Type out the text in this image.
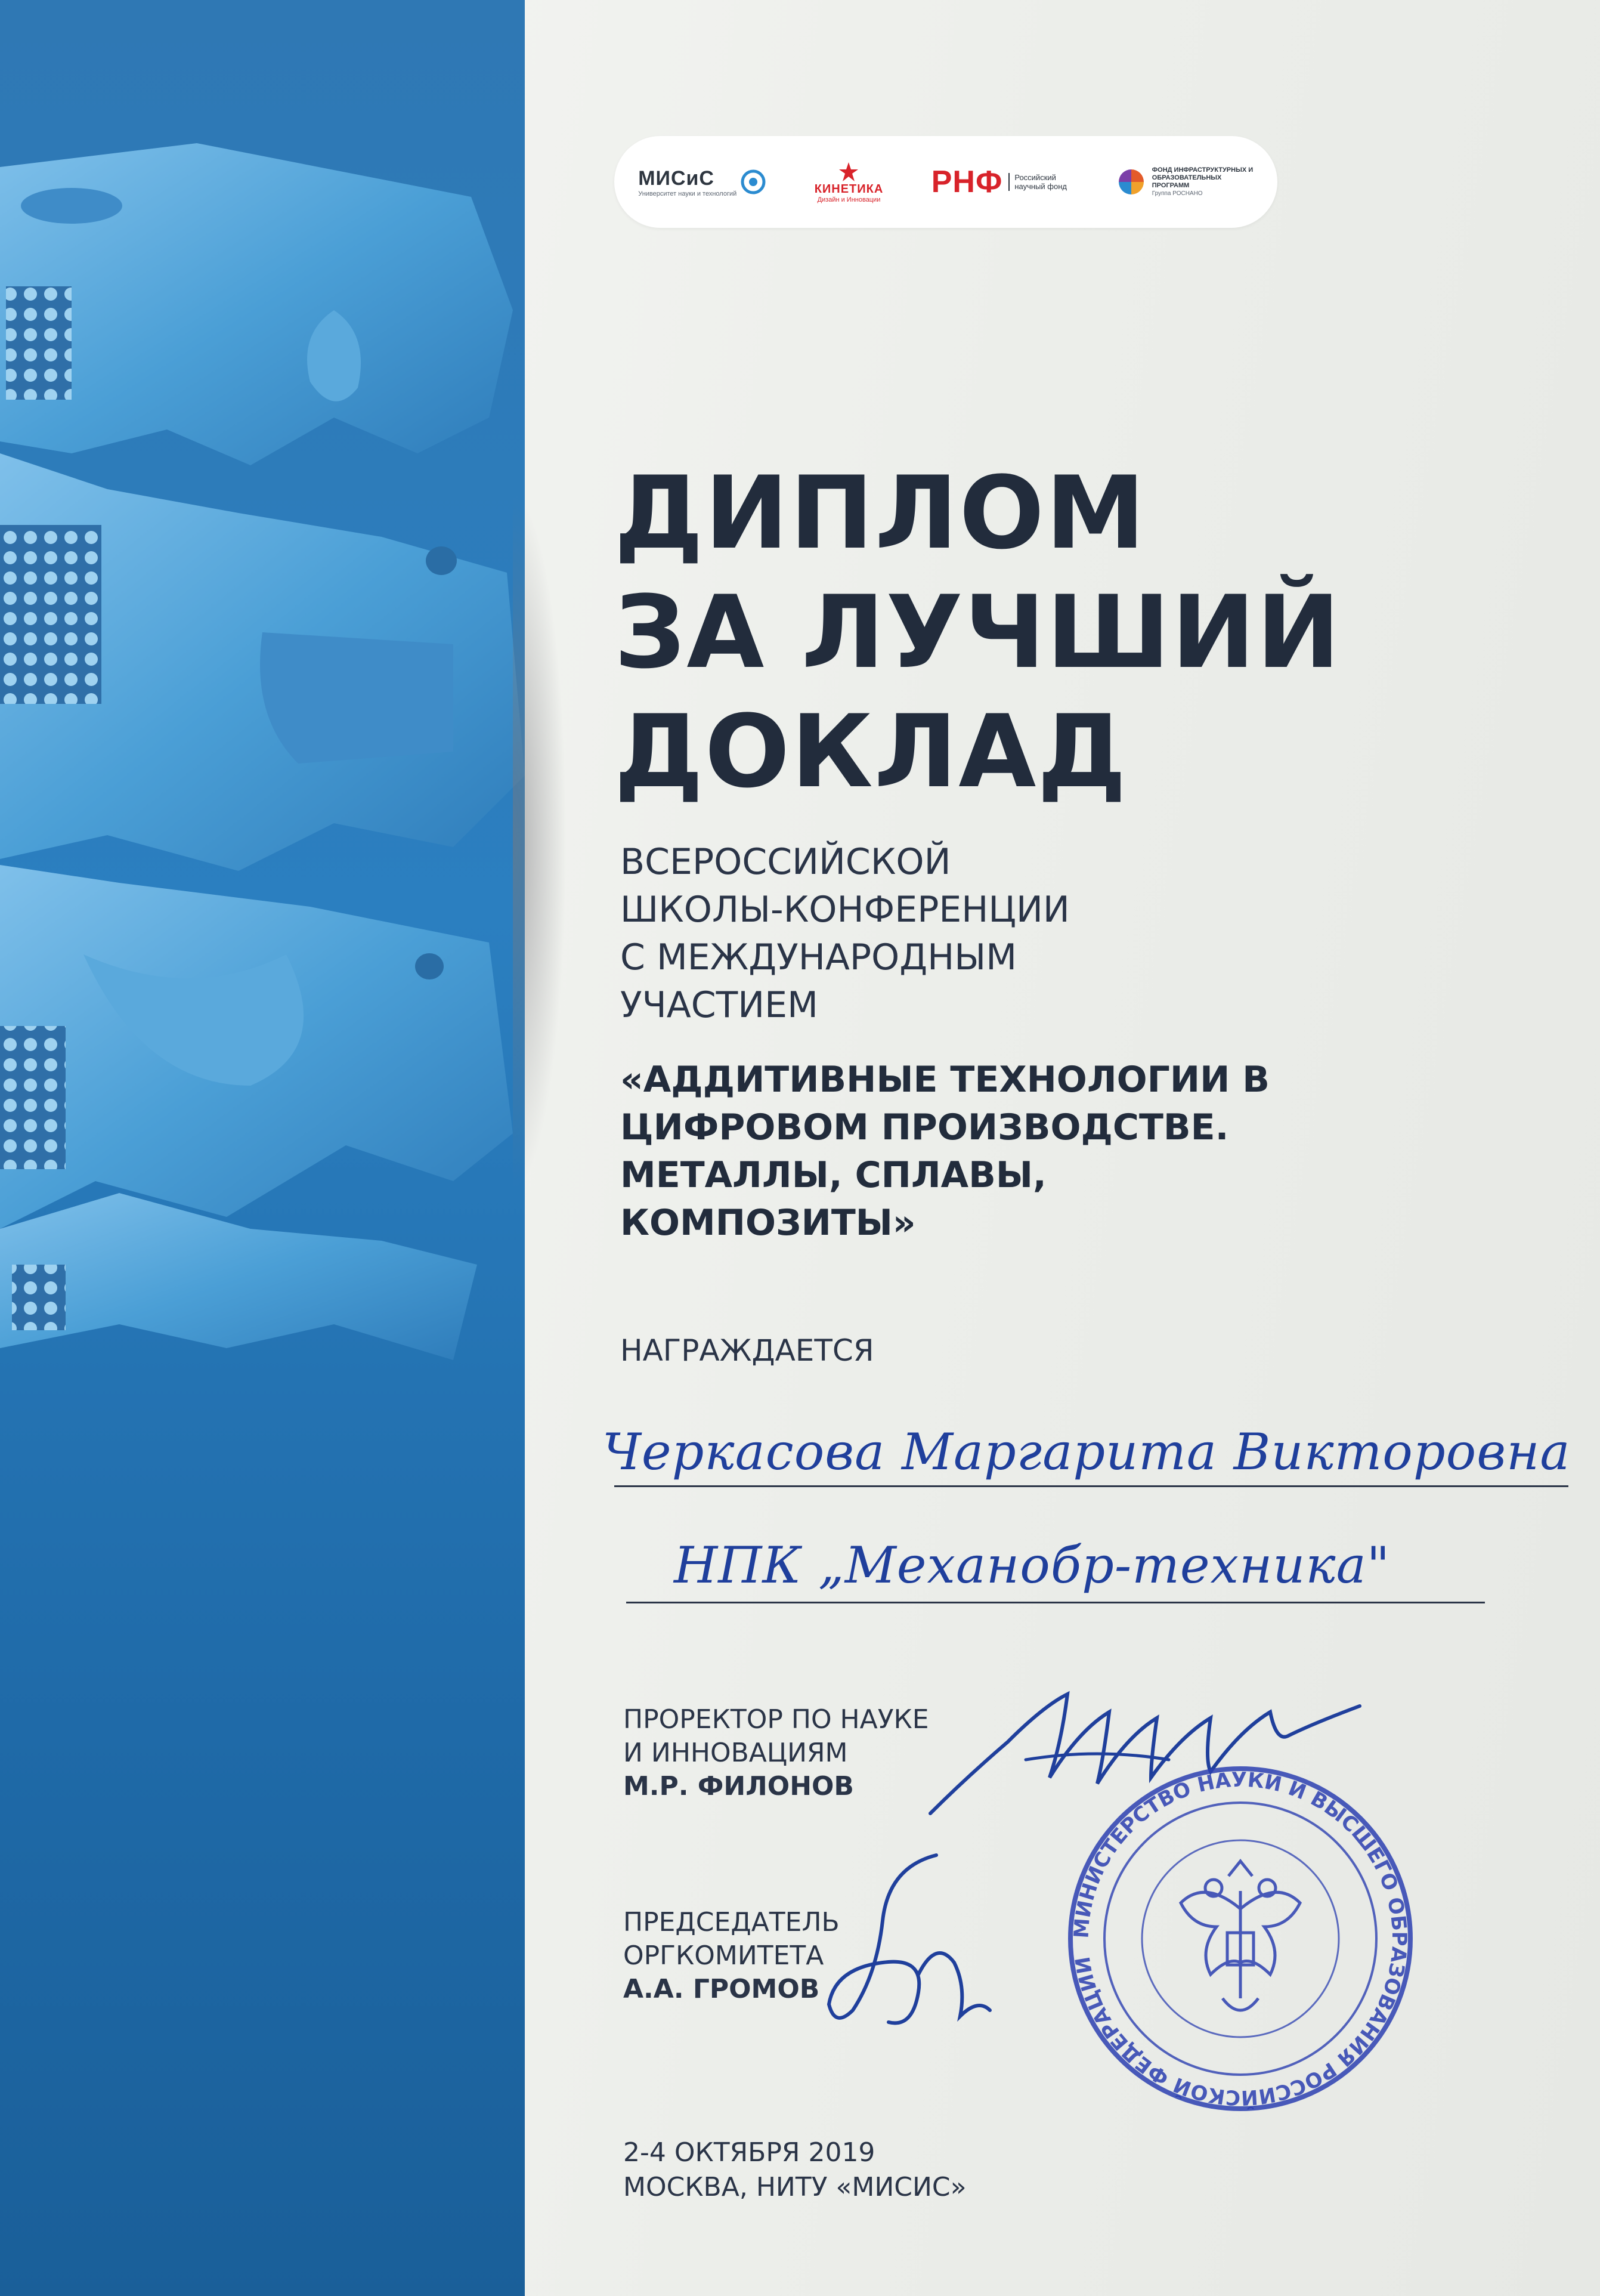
МИСиС
Университет науки и технологий	КИНЕТИКА
Дизайн и Инновации
РНФ	Российский научный фонд
ФОНД ИНФРАСТРУКТУРНЫХ И ОБРАЗОВАТЕЛЬНЫХ ПРОГРАММ
Группа РОСНАНО
ДИПЛОМ
ЗА ЛУЧШИЙ
ДОКЛАД
ВСЕРОССИЙСКОЙ
ШКОЛЫ-КОНФЕРЕНЦИИ
С МЕЖДУНАРОДНЫМ
УЧАСТИЕМ
«АДДИТИВНЫЕ ТЕХНОЛОГИИ В
ЦИФРОВОМ ПРОИЗВОДСТВЕ.
МЕТАЛЛЫ, СПЛАВЫ,
КОМПОЗИТЫ»
НАГРАЖДАЕТСЯ
Черкасова Маргарита Викторовна
НПК „Механобр-техника"
ПРОРЕКТОР ПО НАУКЕ
И ИННОВАЦИЯМ
М.Р. ФИЛОНОВ
ПРЕДСЕДАТЕЛЬ
ОРГКОМИТЕТА
А.А. ГРОМОВ
МИНИСТЕРСТВО НАУКИ И ВЫСШЕГО ОБРАЗОВАНИЯ РОССИЙСКОЙ ФЕДЕРАЦИИ
2-4 ОКТЯБРЯ 2019
МОСКВА, НИТУ «МИСИС»
